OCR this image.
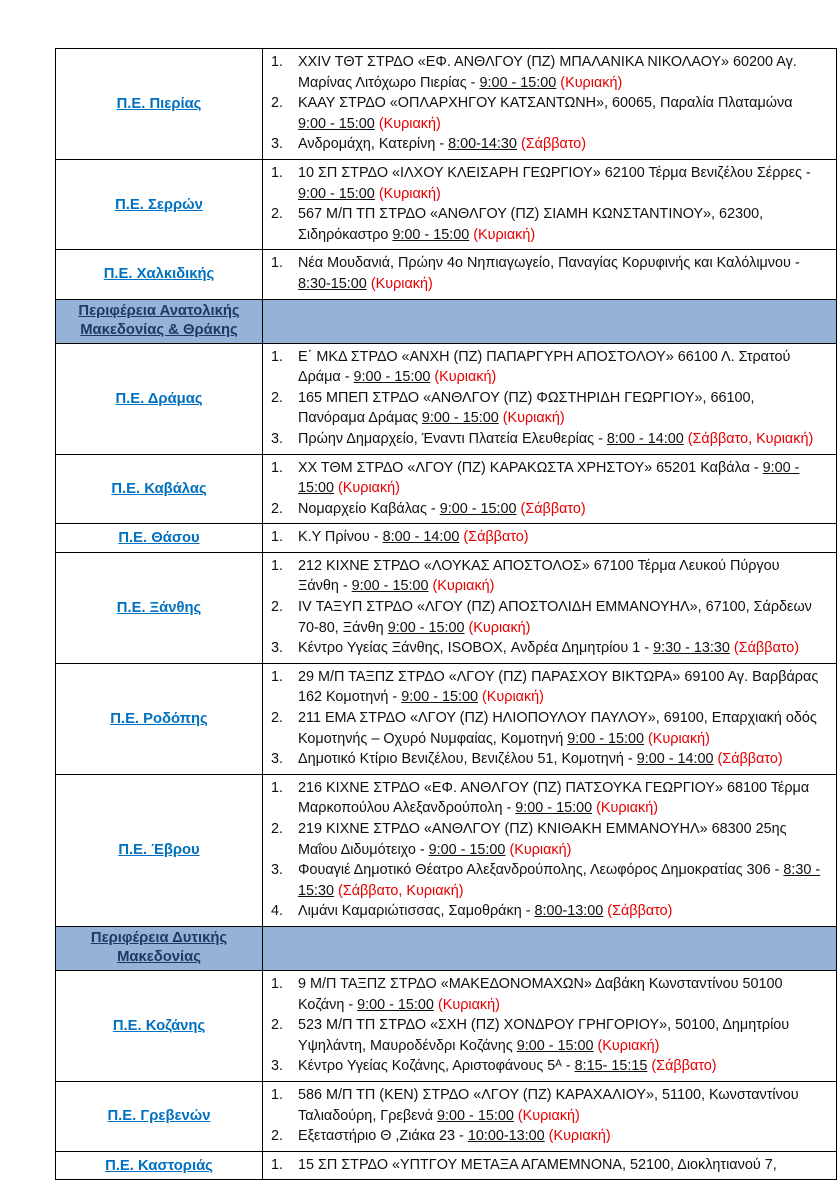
Π.Ε. Πιερίας
1.	XXIV ΤΘΤ ΣΤΡΔΟ «ΕΦ. ΑΝΘΛΓΟΥ (ΠΖ) ΜΠΑΛΑΝΙΚΑ ΝΙΚΟΛΑΟΥ» 60200 Αγ. Μαρίνας Λιτόχωρο Πιερίας - 9:00 - 15:00 (Κυριακή)
2.	ΚΑΑΥ ΣΤΡΔΟ «ΟΠΛΑΡΧΗΓΟΥ ΚΑΤΣΑΝΤΩΝΗ», 60065, Παραλία Πλαταμώνα 9:00 - 15:00 (Κυριακή)
3.	Ανδρομάχη, Κατερίνη - 8:00-14:30 (Σάββατο)
Π.Ε. Σερρών
1.	10 ΣΠ ΣΤΡΔΟ «ΙΛΧΟΥ ΚΛΕΙΣΑΡΗ ΓΕΩΡΓΙΟΥ» 62100 Τέρμα Βενιζέλου Σέρρες - 9:00 - 15:00 (Κυριακή)
2.	567 Μ/Π ΤΠ ΣΤΡΔΟ «ΑΝΘΛΓΟΥ (ΠΖ) ΣΙΑΜΗ ΚΩΝΣΤΑΝΤΙΝΟΥ», 62300, Σιδηρόκαστρο 9:00 - 15:00 (Κυριακή)
Π.Ε. Χαλκιδικής
1.	Νέα Μουδανιά, Πρώην 4ο Νηπιαγωγείο, Παναγίας Κορυφινής και Καλόλιμνου - 8:30-15:00 (Κυριακή)
Περιφέρεια Ανατολικής
Μακεδονίας & Θράκης
Π.Ε. Δράμας
1.	Ε΄ ΜΚΔ ΣΤΡΔΟ «ΑΝΧΗ (ΠΖ) ΠΑΠΑΡΓΥΡΗ ΑΠΟΣΤΟΛΟΥ» 66100 Λ. Στρατού Δράμα - 9:00 - 15:00 (Κυριακή)
2.	165 ΜΠΕΠ ΣΤΡΔΟ «ΑΝΘΛΓΟΥ (ΠΖ) ΦΩΣΤΗΡΙΔΗ ΓΕΩΡΓΙΟΥ», 66100, Πανόραμα Δράμας 9:00 - 15:00 (Κυριακή)
3.	Πρώην Δημαρχείο, Έναντι Πλατεία Ελευθερίας - 8:00 - 14:00 (Σάββατο, Κυριακή)
Π.Ε. Καβάλας
1.	ΧΧ ΤΘΜ ΣΤΡΔΟ «ΛΓΟΥ (ΠΖ) ΚΑΡΑΚΩΣΤΑ ΧΡΗΣΤΟΥ» 65201 Καβάλα - 9:00 - 15:00 (Κυριακή)
2.	Νομαρχείο Καβάλας - 9:00 - 15:00 (Σάββατο)
Π.Ε. Θάσου	1.	Κ.Υ Πρίνου - 8:00 - 14:00 (Σάββατο)
Π.Ε. Ξάνθης
1.	212 ΚΙΧΝΕ ΣΤΡΔΟ «ΛΟΥΚΑΣ ΑΠΟΣΤΟΛΟΣ» 67100 Τέρμα Λευκού Πύργου Ξάνθη - 9:00 - 15:00 (Κυριακή)
2.	IV ΤΑΞΥΠ ΣΤΡΔΟ «ΛΓΟΥ (ΠΖ) ΑΠΟΣΤΟΛΙΔΗ ΕΜΜΑΝΟΥΗΛ», 67100, Σάρδεων 70-80, Ξάνθη 9:00 - 15:00 (Κυριακή)
3.	Κέντρο Υγείας Ξάνθης, ISOBOX, Ανδρέα Δημητρίου 1 - 9:30 - 13:30 (Σάββατο)
Π.Ε. Ροδόπης
1.	29 Μ/Π ΤΑΞΠΖ ΣΤΡΔΟ «ΛΓΟΥ (ΠΖ) ΠΑΡΑΣΧΟΥ ΒΙΚΤΩΡΑ» 69100 Αγ. Βαρβάρας 162 Κομοτηνή - 9:00 - 15:00 (Κυριακή)
2.	211 ΕΜΑ ΣΤΡΔΟ «ΛΓΟΥ (ΠΖ) ΗΛΙΟΠΟΥΛΟΥ ΠΑΥΛΟΥ», 69100, Επαρχιακή οδός Κομοτηνής – Οχυρό Νυμφαίας, Κομοτηνή 9:00 - 15:00 (Κυριακή)
3.	Δημοτικό Κτίριο Βενιζέλου, Βενιζέλου 51, Κομοτηνή - 9:00 - 14:00 (Σάββατο)
Π.Ε. Έβρου
1.	216 ΚΙΧΝΕ ΣΤΡΔΟ «ΕΦ. ΑΝΘΛΓΟΥ (ΠΖ) ΠΑΤΣΟΥΚΑ ΓΕΩΡΓΙΟΥ» 68100 Τέρμα Μαρκοπούλου Αλεξανδρούπολη - 9:00 - 15:00 (Κυριακή)
2.	219 ΚΙΧΝΕ ΣΤΡΔΟ «ΑΝΘΛΓΟΥ (ΠΖ) ΚΝΙΘΑΚΗ ΕΜΜΑΝΟΥΗΛ» 68300 25ης Μαΐου Διδυμότειχο - 9:00 - 15:00 (Κυριακή)
3.	Φουαγιέ Δημοτικό Θέατρο Αλεξανδρούπολης, Λεωφόρος Δημοκρατίας 306 - 8:30 - 15:30 (Σάββατο, Κυριακή)
4.	Λιμάνι Καμαριώτισσας, Σαμοθράκη - 8:00-13:00 (Σάββατο)
Περιφέρεια Δυτικής
Μακεδονίας
Π.Ε. Κοζάνης
1.	9 Μ/Π ΤΑΞΠΖ ΣΤΡΔΟ «ΜΑΚΕΔΟΝΟΜΑΧΩΝ» Δαβάκη Κωνσταντίνου 50100 Κοζάνη - 9:00 - 15:00 (Κυριακή)
2.	523 Μ/Π ΤΠ ΣΤΡΔΟ «ΣΧΗ (ΠΖ) ΧΟΝΔΡΟΥ ΓΡΗΓΟΡΙΟΥ», 50100, Δημητρίου Υψηλάντη, Μαυροδένδρι Κοζάνης 9:00 - 15:00 (Κυριακή)
3.	Κέντρο Υγείας Κοζάνης, Αριστοφάνους 5ᴬ - 8:15- 15:15 (Σάββατο)
Π.Ε. Γρεβενών
1.	586 Μ/Π ΤΠ (ΚΕΝ) ΣΤΡΔΟ «ΛΓΟΥ (ΠΖ) ΚΑΡΑΧΑΛΙΟΥ», 51100, Κωνσταντίνου Ταλιαδούρη, Γρεβενά 9:00 - 15:00 (Κυριακή)
2.	Εξεταστήριο Θ ,Ζιάκα 23 - 10:00-13:00 (Κυριακή)
Π.Ε. Καστοριάς	1.	15 ΣΠ ΣΤΡΔΟ «ΥΠΤΓΟΥ ΜΕΤΑΞΑ ΑΓΑΜΕΜΝΟΝΑ, 52100, Διοκλητιανού 7,
